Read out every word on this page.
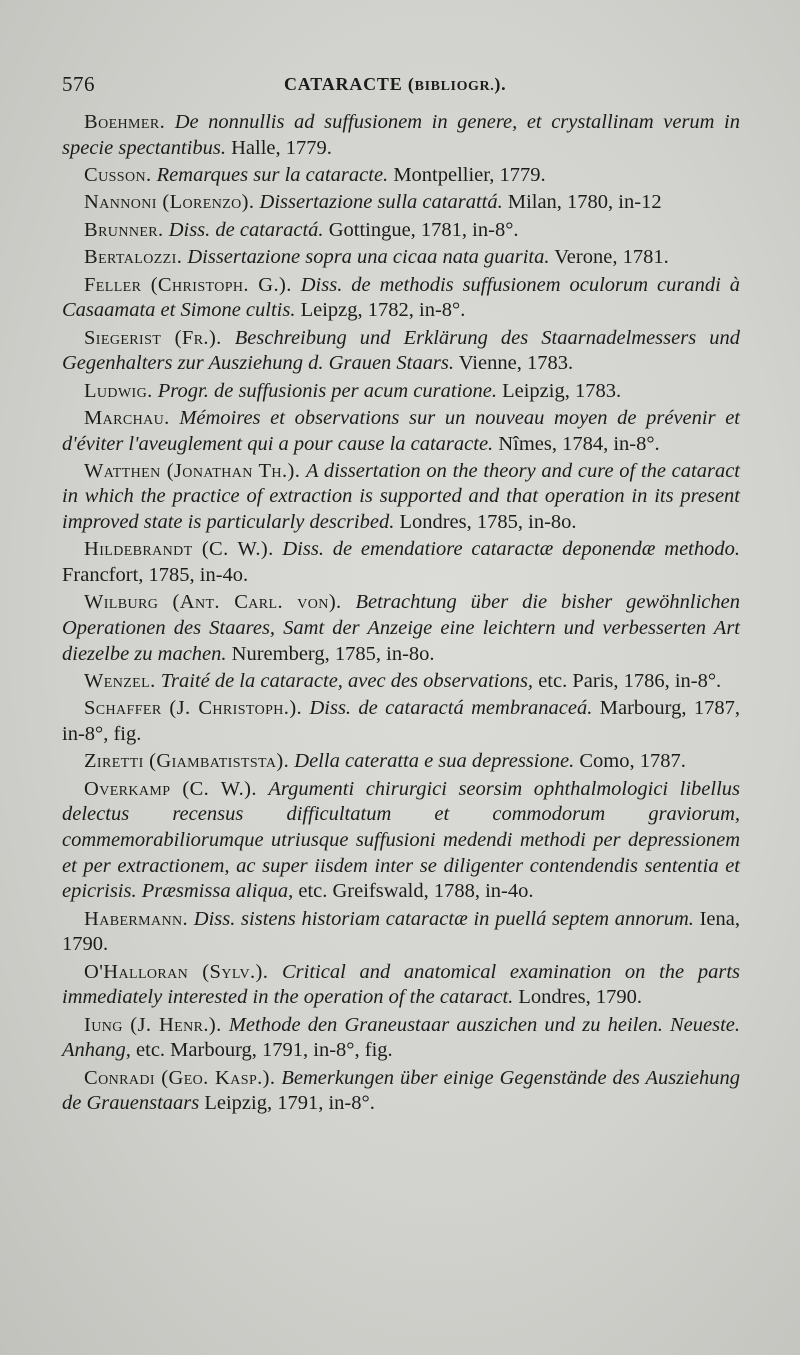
576	CATARACTE (BIBLIOGR.).

Boehmer. De nonnullis ad suffusionem in genere, et crystallinam verum in specie spectantibus. Halle, 1779.

Cusson. Remarques sur la cataracte. Montpellier, 1779.

Nannoni (Lorenzo). Dissertazione sulla catarattá. Milan, 1780, in-12

Brunner. Diss. de cataractá. Gottingue, 1781, in-8°.

Bertalozzi. Dissertazione sopra una cicaa nata guarita. Verone, 1781.

Feller (Christoph. G.). Diss. de methodis suffusionem oculorum curandi à Casaamata et Simone cultis. Leipzg, 1782, in-8°.

Siegerist (Fr.). Beschreibung und Erklärung des Staarnadelmessers und Gegenhalters zur Ausziehung d. Grauen Staars. Vienne, 1783.

Ludwig. Progr. de suffusionis per acum curatione. Leipzig, 1783.

Marchau. Mémoires et observations sur un nouveau moyen de prévenir et d'éviter l'aveuglement qui a pour cause la cataracte. Nîmes, 1784, in-8°.

Watthen (Jonathan Th.). A dissertation on the theory and cure of the cataract in which the practice of extraction is supported and that operation in its present improved state is particularly described. Londres, 1785, in-8o.

Hildebrandt (C. W.). Diss. de emendatiore cataractæ deponendæ methodo. Francfort, 1785, in-4o.

Wilburg (Ant. Carl. von). Betrachtung über die bisher gewöhnlichen Operationen des Staares, Samt der Anzeige eine leichtern und verbesserten Art diezelbe zu machen. Nuremberg, 1785, in-8o.

Wenzel. Traité de la cataracte, avec des observations, etc. Paris, 1786, in-8°.

Schaffer (J. Christoph.). Diss. de cataractá membranaceá. Marbourg, 1787, in-8°, fig.

Ziretti (Giambatiststa). Della cateratta e sua depressione. Como, 1787.

Overkamp (C. W.). Argumenti chirurgici seorsim ophthalmologici libellus delectus recensus difficultatum et commodorum graviorum, commemorabiliorumque utriusque suffusioni medendi methodi per depressionem et per extractionem, ac super iisdem inter se diligenter contendendis sententia et epicrisis. Præsmissa aliqua, etc. Greifswald, 1788, in-4o.

Habermann. Diss. sistens historiam cataractæ in puellá septem annorum. Iena, 1790.

O'Halloran (Sylv.). Critical and anatomical examination on the parts immediately interested in the operation of the cataract. Londres, 1790.

Iung (J. Henr.). Methode den Graneustaar auszichen und zu heilen. Neueste. Anhang, etc. Marbourg, 1791, in-8°, fig.

Conradi (Geo. Kasp.). Bemerkungen über einige Gegenstände des Ausziehung de Grauenstaars Leipzig, 1791, in-8°.
